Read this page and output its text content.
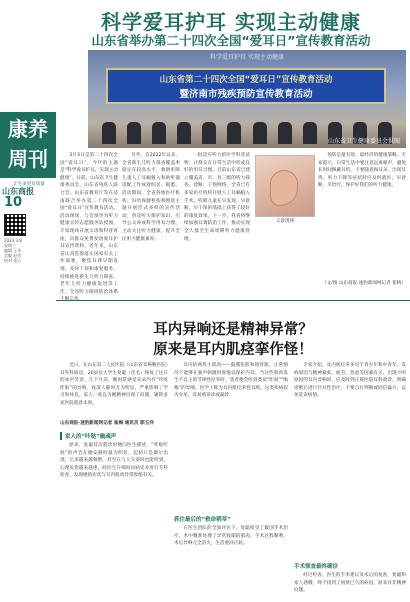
科学爱耳护耳 实现主动健康
山东省举办第二十四次全国“爱耳日”宣传教育活动
科学爱耳护耳 实现主动健康
山东省第二十四次全国“爱耳日”宣传教育活动
暨济南市残疾预防宣传教育活动
山东省卫生健康委员会供图
康养
周刊
让生命更有质量
山东商报
10
2023.3.8
星期三
编辑 王冬
美编 赵雪
校对 金立

3月3日是第二十四次全国“爱耳日”，今年的主题是“科学爱耳护耳，实现主动健康”。日前，山东省卫生健康委员会、山东省残疾人联合会、山东省教育厅等在济南联合举办第二十四次全国“爱耳日”宣传教育活动。活动现场，与会领导为听力健康宣传志愿服务队授旗，专家现场开展义诊和科普讲座，向群众免费发放爱耳护耳宣传资料。近年来，山东省认真贯彻落实国家有关工作部署，聚焦耳聋早期发现、及时干预和康复服务，持续推进新生儿听力筛查、老年人听力健康促进等工作，全省听力障碍防治体系

另外，自2022年以来，全省新生儿听力筛查覆盖率稳定在较高水平，救助听障儿童人工耳蜗植入和助听器适配工作成效明显。据悉，活动期间，全省各地医疗机构、妇幼保健机构将围绕主题开展形式多样的宣传活动，普及听力保护知识，引导公众养成科学用耳习惯，主动关注听力健康，提升全民听力健康素养。

一批适应听力的医学科普读物，让群众在日常生活中形成良好的用耳习惯。目前山东省已建立覆盖省、市、县三级的听力筛查、诊断、干预网络，全省已有多家医疗机构开展人工耳蜗植入手术，听障儿童在早发现、早诊断、早干预的基础上获得了较好的康复效果。下一步，我省将继续加强耳聋防治工作，推动实现全人群全生命周期听力健康管理。

义诊现场

预防是最有效、最经济的健康策略。专家提示，日常生活中要注意远离噪声，避免长时间佩戴耳机，不要随意掏耳朵，出现耳鸣、听力下降等症状时应及时就医，早诊断、早治疗，保护好我们的听力健康。

（文/图 山东商报·速豹新闻网记者 崔梅）
耳内异响还是精神异常？
原来是耳内肌痉挛作怪！

近日，在山东第二人民医院（山东省耳鼻喉医院）耳外科病房，20岁女大学生复聪（化名）恢复了往日的欢声笑语。几个月前，她时常感觉耳朵内有“咔哒咔哒”的异响，夜深人静时尤为明显，严重影响了学习和休息。家人一度以为她精神出现了问题，辗转多家医院就诊未果。

山东商报·速豹新闻网记者 崔梅 通讯员 郭玉洋
家人的“咔哒”幽魂声

原来，复聪首次就诊时便向医生描述，“咔哒咔哒”的声音在她安静时最为明显，起初只是偶尔出现，后来越来越频繁，甚至在与人交谈时也能听到，心理负担越来越重。经医生仔细询问病史并进行专科检查，发现她的症状与耳内肌肉异常收缩有关。

耳内的两块小肌肉——鼓膜张肌和镫骨肌，正常情况下能够在强声刺激时收缩以保护内耳。当这些肌肉发生不自主的节律性痉挛时，患者便会听到类似“咔哒”“嗡嗡”的异响，医学上称为耳内肌痉挛性耳鸣。这类疾病较为少见，容易被误诊或漏诊。

抓住最后的“救命稻草”

在医生团队的全面评估下，复聪接受了微创手术治疗，术中精准处理了异常收缩的肌肉，手术过程顺利，术后异响完全消失，生活重回正轨。

专家介绍，耳内肌痉挛多见于青少年和中青年，发病原因与精神紧张、疲劳、焦虑等因素有关。出现不明原因的耳内异响时，应及时到正规医院耳科就诊，明确诊断后进行针对性治疗，不要自行判断或轻信偏方，以免延误病情。

手术探查最终确诊

经过检查、医生的手术建议及术后的复查，复聪和家人感慨：终于找到了困扰已久的病因，原来并非精神问题。
